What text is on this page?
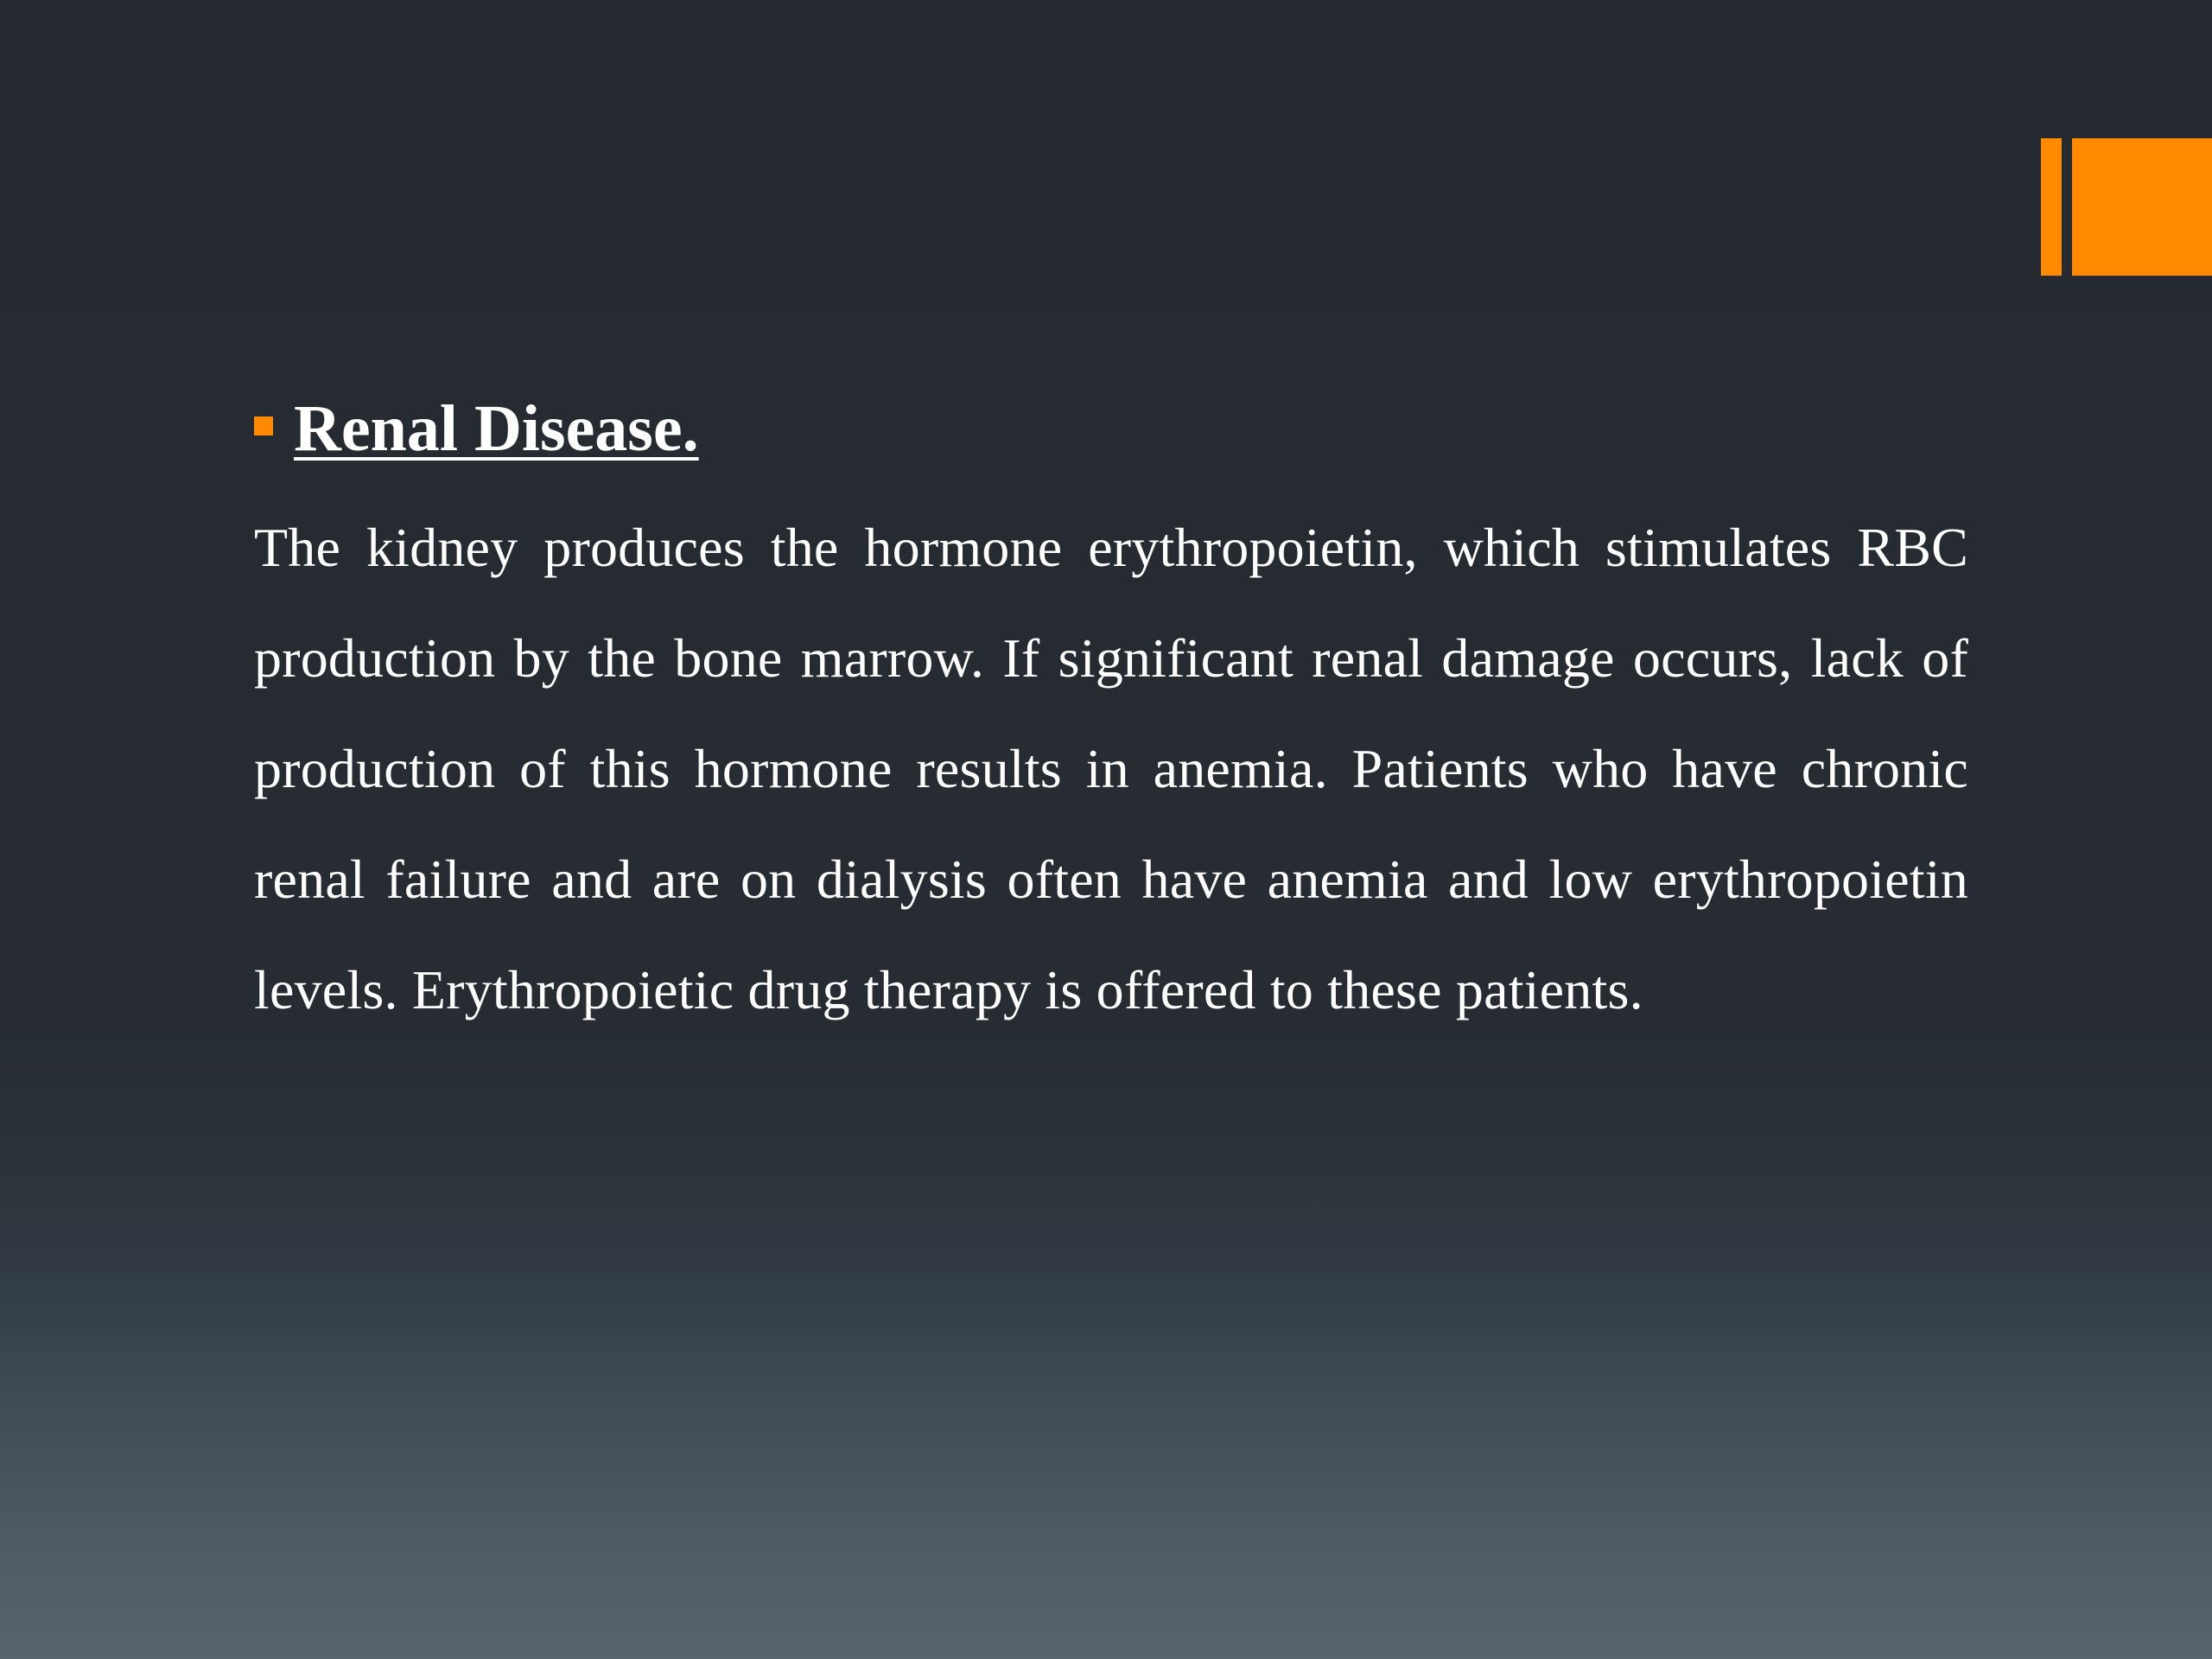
Renal Disease.

The kidney produces the hormone erythropoietin, which stimulates RBC production by the bone marrow. If significant renal damage occurs, lack of production of this hormone results in anemia. Patients who have chronic renal failure and are on dialysis often have anemia and low erythropoietin levels. Erythropoietic drug therapy is offered to these patients.
